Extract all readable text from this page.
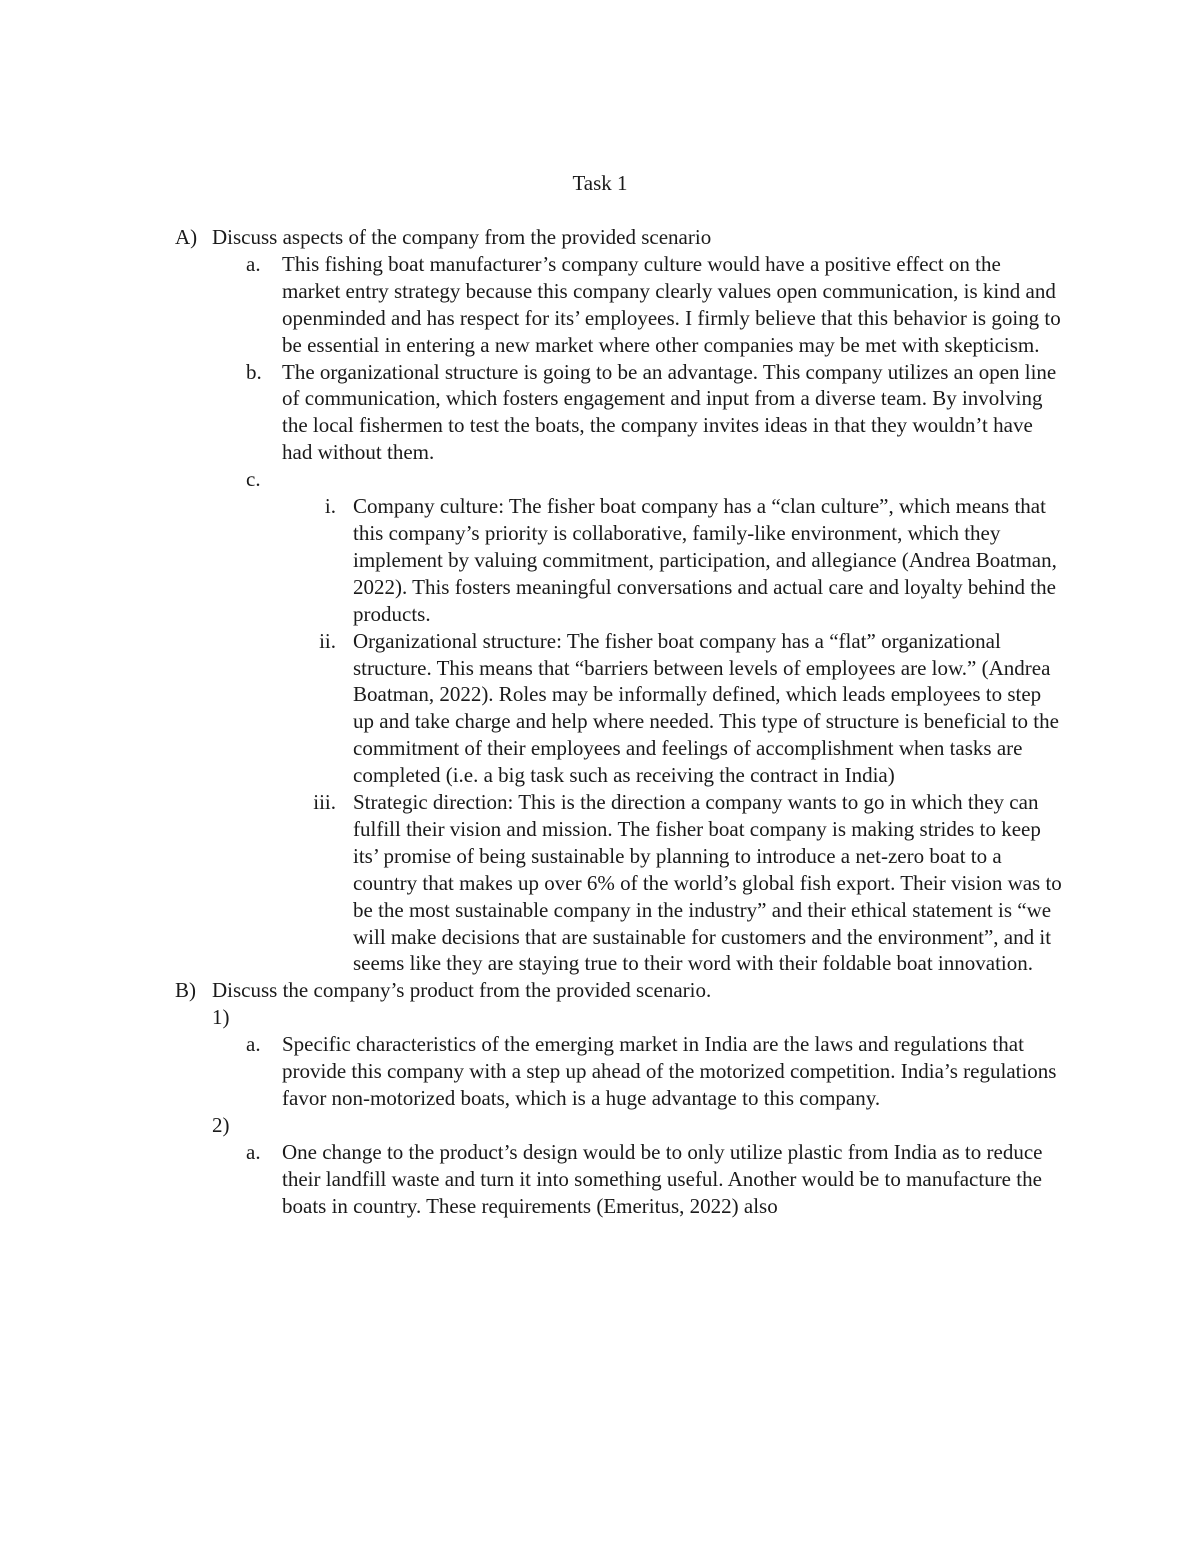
Task 1
A) Discuss aspects of the company from the provided scenario
a. This fishing boat manufacturer’s company culture would have a positive effect on the market entry strategy because this company clearly values open communication, is kind and openminded and has respect for its’ employees. I firmly believe that this behavior is going to be essential in entering a new market where other companies may be met with skepticism.
b. The organizational structure is going to be an advantage. This company utilizes an open line of communication, which fosters engagement and input from a diverse team. By involving the local fishermen to test the boats, the company invites ideas in that they wouldn’t have had without them.
c.

i. Company culture: The fisher boat company has a “clan culture”, which means that this company’s priority is collaborative, family-like environment, which they implement by valuing commitment, participation, and allegiance (Andrea Boatman, 2022). This fosters meaningful conversations and actual care and loyalty behind the products.
ii. Organizational structure: The fisher boat company has a “flat” organizational structure. This means that “barriers between levels of employees are low.” (Andrea Boatman, 2022). Roles may be informally defined, which leads employees to step up and take charge and help where needed. This type of structure is beneficial to the commitment of their employees and feelings of accomplishment when tasks are completed (i.e. a big task such as receiving the contract in India)
iii. Strategic direction: This is the direction a company wants to go in which they can fulfill their vision and mission. The fisher boat company is making strides to keep its’ promise of being sustainable by planning to introduce a net-zero boat to a country that makes up over 6% of the world’s global fish export. Their vision was to be the most sustainable company in the industry” and their ethical statement is “we will make decisions that are sustainable for customers and the environment”, and it seems like they are staying true to their word with their foldable boat innovation.
B) Discuss the company’s product from the provided scenario.
1)

a. Specific characteristics of the emerging market in India are the laws and regulations that provide this company with a step up ahead of the motorized competition. India’s regulations favor non-motorized boats, which is a huge advantage to this company.
2)

a. One change to the product’s design would be to only utilize plastic from India as to reduce their landfill waste and turn it into something useful. Another would be to manufacture the boats in country. These requirements (Emeritus, 2022) also
